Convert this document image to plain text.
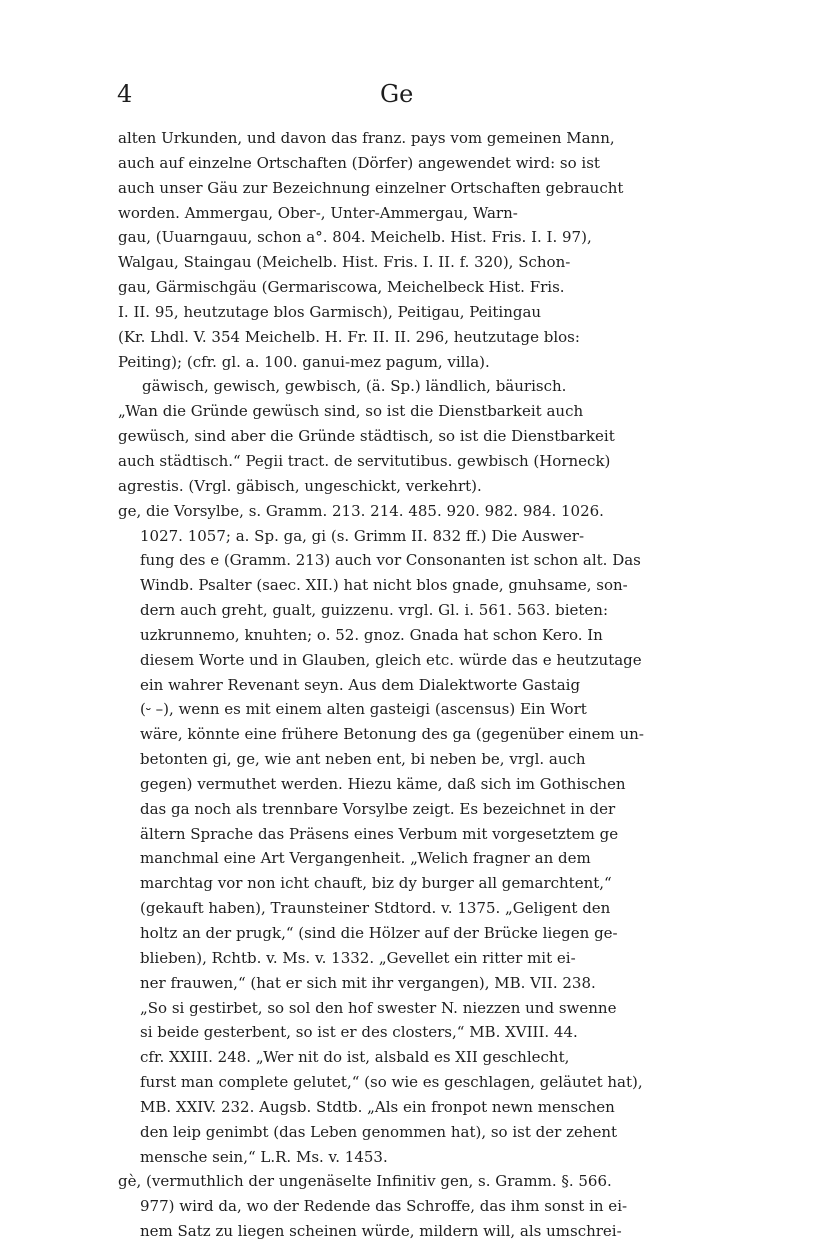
4	Ge
alten Urkunden, und davon das franz. pays vom gemeinen Mann,
auch auf einzelne Ortschaften (Dörfer) angewendet wird: so ist
auch unser Gäu zur Bezeichnung einzelner Ortschaften gebraucht
worden. Ammergau, Ober-, Unter-Ammergau, Warn-
gau, (Uuarngauu, schon a°. 804. Meichelb. Hist. Fris. I. I. 97),
Walgau, Staingau (Meichelb. Hist. Fris. I. II. f. 320), Schon-
gau, Gärmischgäu (Germariscowa, Meichelbeck Hist. Fris.
I. II. 95, heutzutage blos Garmisch), Peitigau, Peitingau
(Kr. Lhdl. V. 354 Meichelb. H. Fr. II. II. 296, heutzutage blos:
Peiting); (cfr. gl. a. 100. ganui-mez pagum, villa).
gäwisch, gewisch, gewbisch, (ä. Sp.) ländlich, bäurisch.
„Wan die Gründe gewüsch sind, so ist die Dienstbarkeit auch
gewüsch, sind aber die Gründe städtisch, so ist die Dienstbarkeit
auch städtisch.“ Pegii tract. de servitutibus. gewbisch (Horneck)
agrestis. (Vrgl. gäbisch, ungeschickt, verkehrt).
ge, die Vorsylbe, s. Gramm. 213. 214. 485. 920. 982. 984. 1026.
1027. 1057; a. Sp. ga, gi (s. Grimm II. 832 ff.) Die Auswer-
fung des e (Gramm. 213) auch vor Consonanten ist schon alt. Das
Windb. Psalter (saec. XII.) hat nicht blos gnade, gnuhsame, son-
dern auch greht, gualt, guizzenu. vrgl. Gl. i. 561. 563. bieten:
uzkrunnemo, knuhten; o. 52. gnoz. Gnada hat schon Kero. In
diesem Worte und in Glauben, gleich etc. würde das e heutzutage
ein wahrer Revenant seyn. Aus dem Dialektworte Gastaig
(⏑ –), wenn es mit einem alten gasteigi (ascensus) Ein Wort
wäre, könnte eine frühere Betonung des ga (gegenüber einem un-
betonten gi, ge, wie ant neben ent, bi neben be, vrgl. auch
gegen) vermuthet werden. Hiezu käme, daß sich im Gothischen
das ga noch als trennbare Vorsylbe zeigt. Es bezeichnet in der
ältern Sprache das Präsens eines Verbum mit vorgesetztem ge
manchmal eine Art Vergangenheit. „Welich fragner an dem
marchtag vor non icht chauft, biz dy burger all gemarchtent,“
(gekauft haben), Traunsteiner Stdtord. v. 1375. „Geligent den
holtz an der prugk,“ (sind die Hölzer auf der Brücke liegen ge-
blieben), Rchtb. v. Ms. v. 1332. „Gevellet ein ritter mit ei-
ner frauwen,“ (hat er sich mit ihr vergangen), MB. VII. 238.
„So si gestirbet, so sol den hof swester N. niezzen und swenne
si beide gesterbent, so ist er des closters,“ MB. XVIII. 44.
cfr. XXIII. 248. „Wer nit do ist, alsbald es XII geschlecht,
furst man complete gelutet,“ (so wie es geschlagen, geläutet hat),
MB. XXIV. 232. Augsb. Stdtb. „Als ein fronpot newn menschen
den leip genimbt (das Leben genommen hat), so ist der zehent
mensche sein,“ L.R. Ms. v. 1453.
gè, (vermuthlich der ungenäselte Infinitiv gen, s. Gramm. §. 566.
977) wird da, wo der Redende das Schroffe, das ihm sonst in ei-
nem Satz zu liegen scheinen würde, mildern will, als umschrei-
